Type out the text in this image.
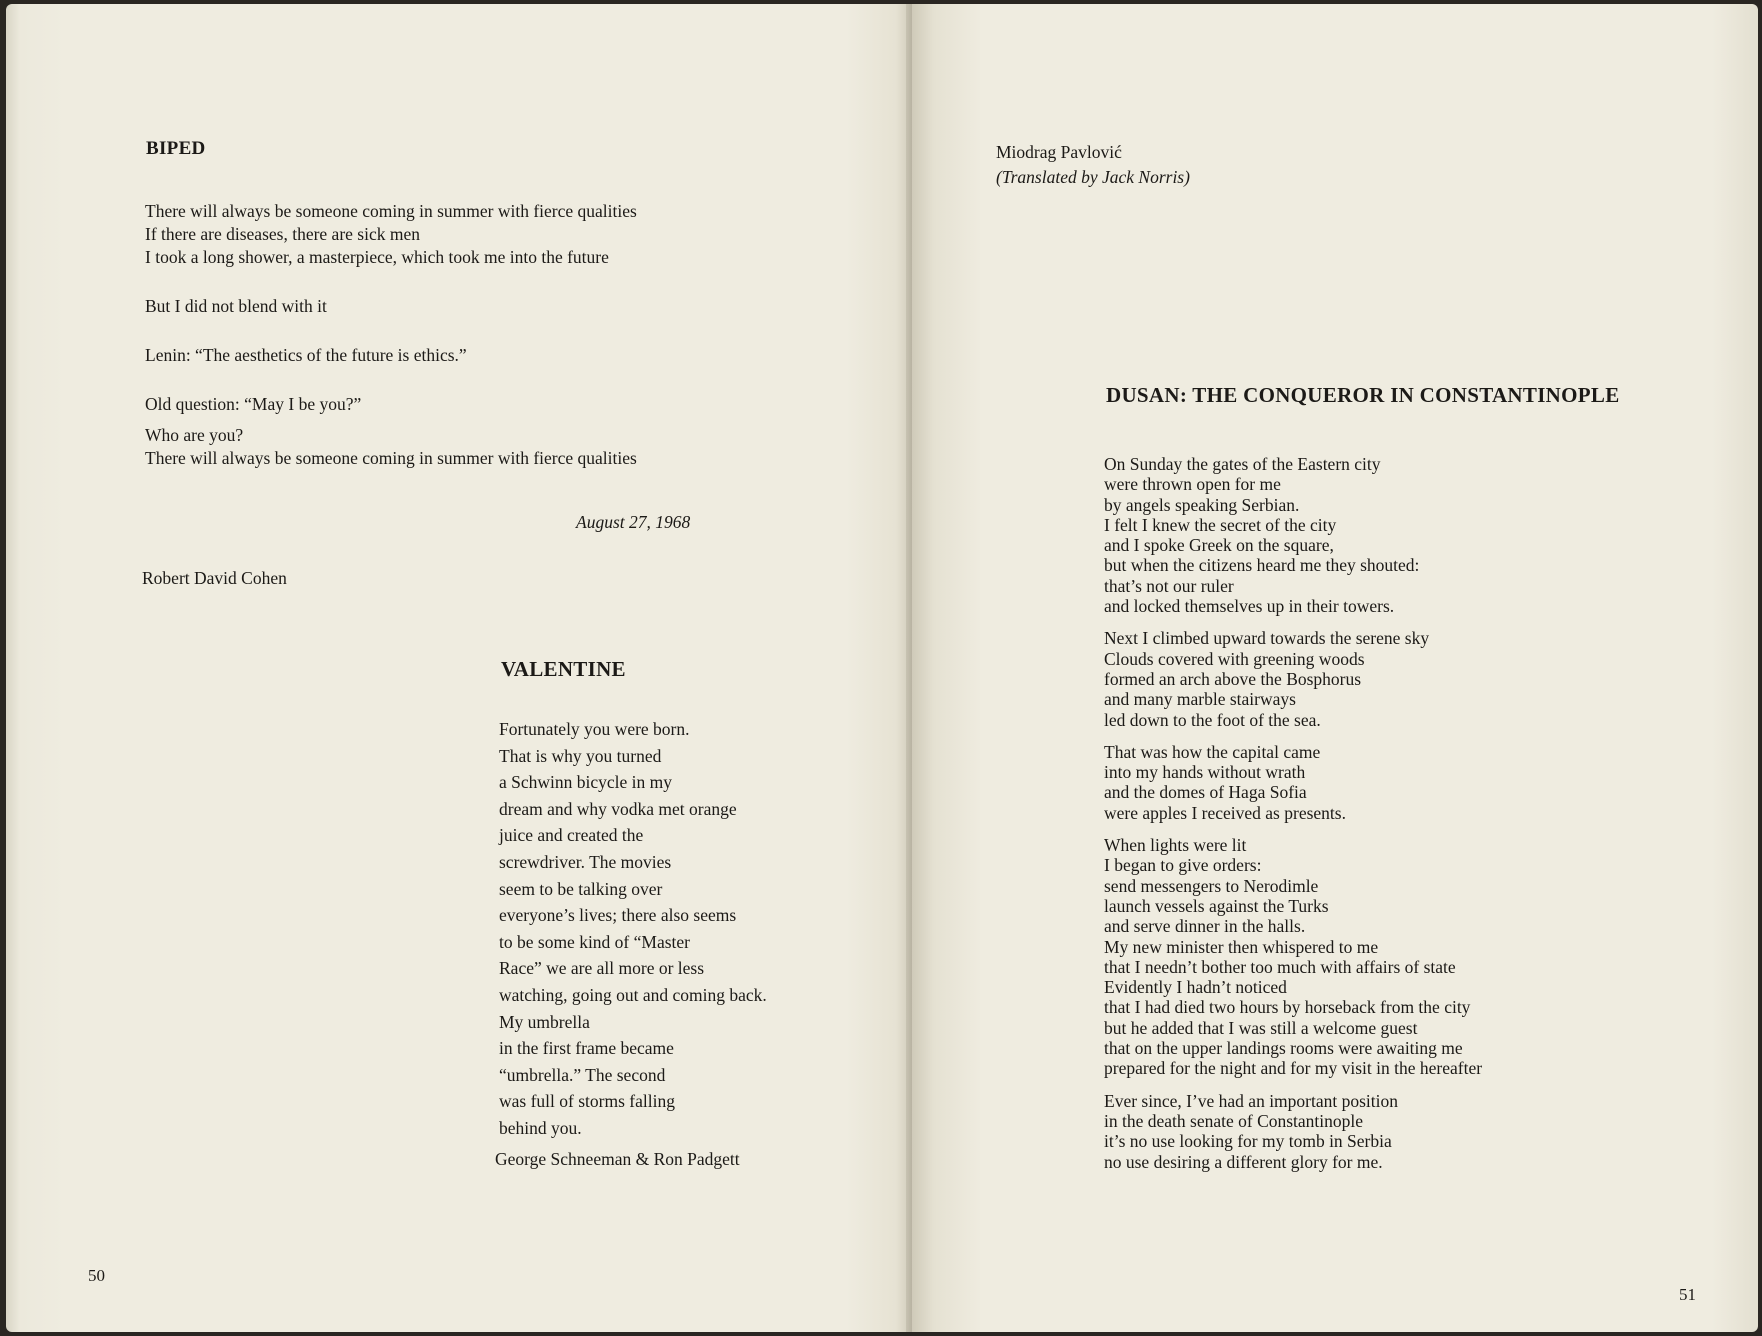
BIPED
There will always be someone coming in summer with fierce qualities
If there are diseases, there are sick men
I took a long shower, a masterpiece, which took me into the future
But I did not blend with it
Lenin: “The aesthetics of the future is ethics.”
Old question: “May I be you?”
Who are you?
There will always be someone coming in summer with fierce qualities
August 27, 1968
Robert David Cohen
VALENTINE
Fortunately you were born.
That is why you turned
a Schwinn bicycle in my
dream and why vodka met orange
juice and created the
screwdriver. The movies
seem to be talking over
everyone’s lives; there also seems
to be some kind of “Master
Race” we are all more or less
watching, going out and coming back.
My umbrella
in the first frame became
“umbrella.” The second
was full of storms falling
behind you.
George Schneeman & Ron Padgett
50
Miodrag Pavlović
(Translated by Jack Norris)
DUSAN: THE CONQUEROR IN CONSTANTINOPLE
On Sunday the gates of the Eastern city
were thrown open for me
by angels speaking Serbian.
I felt I knew the secret of the city
and I spoke Greek on the square,
but when the citizens heard me they shouted:
that’s not our ruler
and locked themselves up in their towers.
Next I climbed upward towards the serene sky
Clouds covered with greening woods
formed an arch above the Bosphorus
and many marble stairways
led down to the foot of the sea.
That was how the capital came
into my hands without wrath
and the domes of Haga Sofia
were apples I received as presents.
When lights were lit
I began to give orders:
send messengers to Nerodimle
launch vessels against the Turks
and serve dinner in the halls.
My new minister then whispered to me
that I needn’t bother too much with affairs of state
Evidently I hadn’t noticed
that I had died two hours by horseback from the city
but he added that I was still a welcome guest
that on the upper landings rooms were awaiting me
prepared for the night and for my visit in the hereafter
Ever since, I’ve had an important position
in the death senate of Constantinople
it’s no use looking for my tomb in Serbia
no use desiring a different glory for me.
51
